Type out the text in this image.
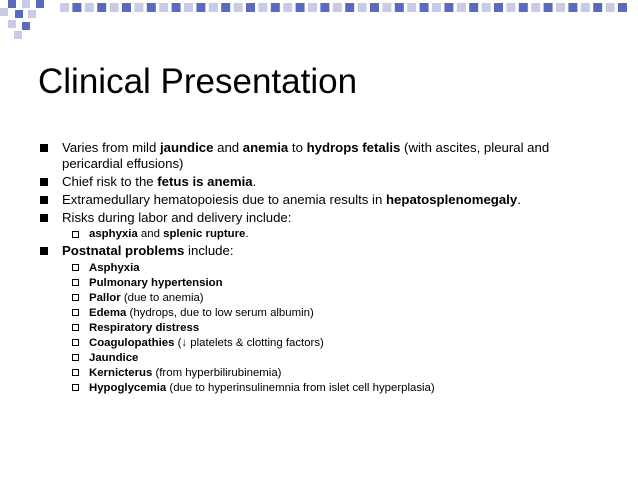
Clinical Presentation
Varies from mild jaundice and anemia to hydrops fetalis (with ascites, pleural and pericardial effusions)
Chief risk to the fetus is anemia.
Extramedullary hematopoiesis due to anemia results in hepatosplenomegaly.
Risks during labor and delivery include:
asphyxia and splenic rupture.
Postnatal problems include:
Asphyxia
Pulmonary hypertension
Pallor (due to anemia)
Edema (hydrops, due to low serum albumin)
Respiratory distress
Coagulopathies (↓ platelets & clotting factors)
Jaundice
Kernicterus (from hyperbilirubinemia)
Hypoglycemia (due to hyperinsulinemnia from islet cell hyperplasia)
